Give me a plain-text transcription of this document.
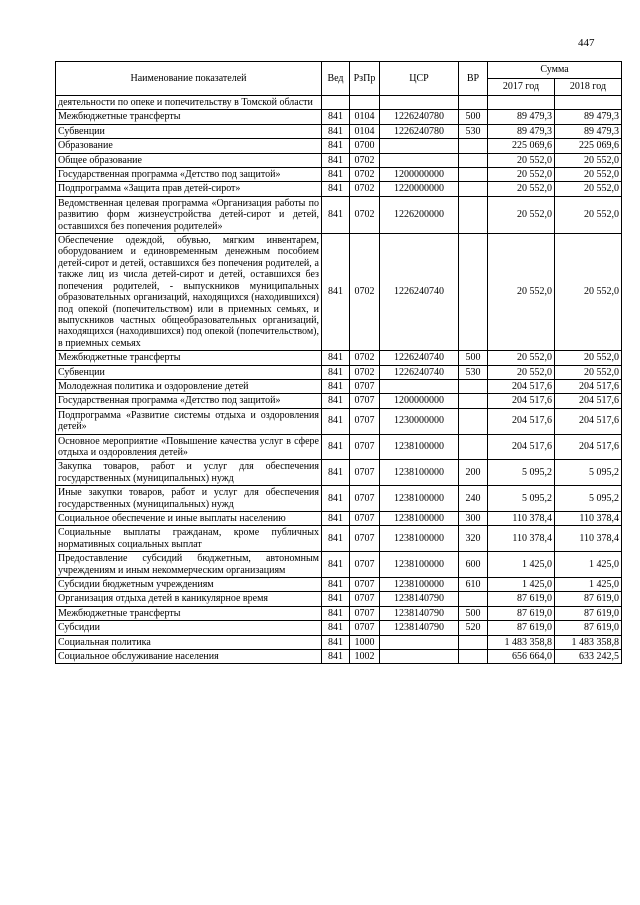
447
Наименование показателей	Вед	РзПр	ЦСР	ВР	Сумма	
					2017 год	2018 год
деятельности по опеке и попечительству в Томской области						
Межбюджетные трансферты	841	0104	1226240780	500	89 479,3	89 479,3
Субвенции	841	0104	1226240780	530	89 479,3	89 479,3
Образование	841	0700			225 069,6	225 069,6
Общее образование	841	0702			20 552,0	20 552,0
Государственная программа «Детство под защитой»	841	0702	1200000000		20 552,0	20 552,0
Подпрограмма «Защита прав детей-сирот»	841	0702	1220000000		20 552,0	20 552,0
Ведомственная целевая программа «Организация работы по развитию форм жизнеустройства детей-сирот и детей, оставшихся без попечения родителей»	841	0702	1226200000		20 552,0	20 552,0
Обеспечение одеждой, обувью, мягким инвентарем, оборудованием и единовременным денежным пособием детей-сирот и детей, оставшихся без попечения родителей, а также лиц из числа детей-сирот и детей, оставшихся без попечения родителей, - выпускников муниципальных образовательных организаций, находящихся (находившихся) под опекой (попечительством) или в приемных семьях, и выпускников частных общеобразовательных организаций, находящихся (находившихся) под опекой (попечительством), в приемных семьях	841	0702	1226240740		20 552,0	20 552,0
Межбюджетные трансферты	841	0702	1226240740	500	20 552,0	20 552,0
Субвенции	841	0702	1226240740	530	20 552,0	20 552,0
Молодежная политика и оздоровление детей	841	0707			204 517,6	204 517,6
Государственная программа «Детство под защитой»	841	0707	1200000000		204 517,6	204 517,6
Подпрограмма «Развитие системы отдыха и оздоровления детей»	841	0707	1230000000		204 517,6	204 517,6
Основное мероприятие «Повышение качества услуг в сфере отдыха и оздоровления детей»	841	0707	1238100000		204 517,6	204 517,6
Закупка товаров, работ и услуг для обеспечения государственных (муниципальных) нужд	841	0707	1238100000	200	5 095,2	5 095,2
Иные закупки товаров, работ и услуг для обеспечения государственных (муниципальных) нужд	841	0707	1238100000	240	5 095,2	5 095,2
Социальное обеспечение и иные выплаты населению	841	0707	1238100000	300	110 378,4	110 378,4
Социальные выплаты гражданам, кроме публичных нормативных социальных выплат	841	0707	1238100000	320	110 378,4	110 378,4
Предоставление субсидий бюджетным, автономным учреждениям и иным некоммерческим организациям	841	0707	1238100000	600	1 425,0	1 425,0
Субсидии бюджетным учреждениям	841	0707	1238100000	610	1 425,0	1 425,0
Организация отдыха детей в каникулярное время	841	0707	1238140790		87 619,0	87 619,0
Межбюджетные трансферты	841	0707	1238140790	500	87 619,0	87 619,0
Субсидии	841	0707	1238140790	520	87 619,0	87 619,0
Социальная политика	841	1000			1 483 358,8	1 483 358,8
Социальное обслуживание населения	841	1002			656 664,0	633 242,5
